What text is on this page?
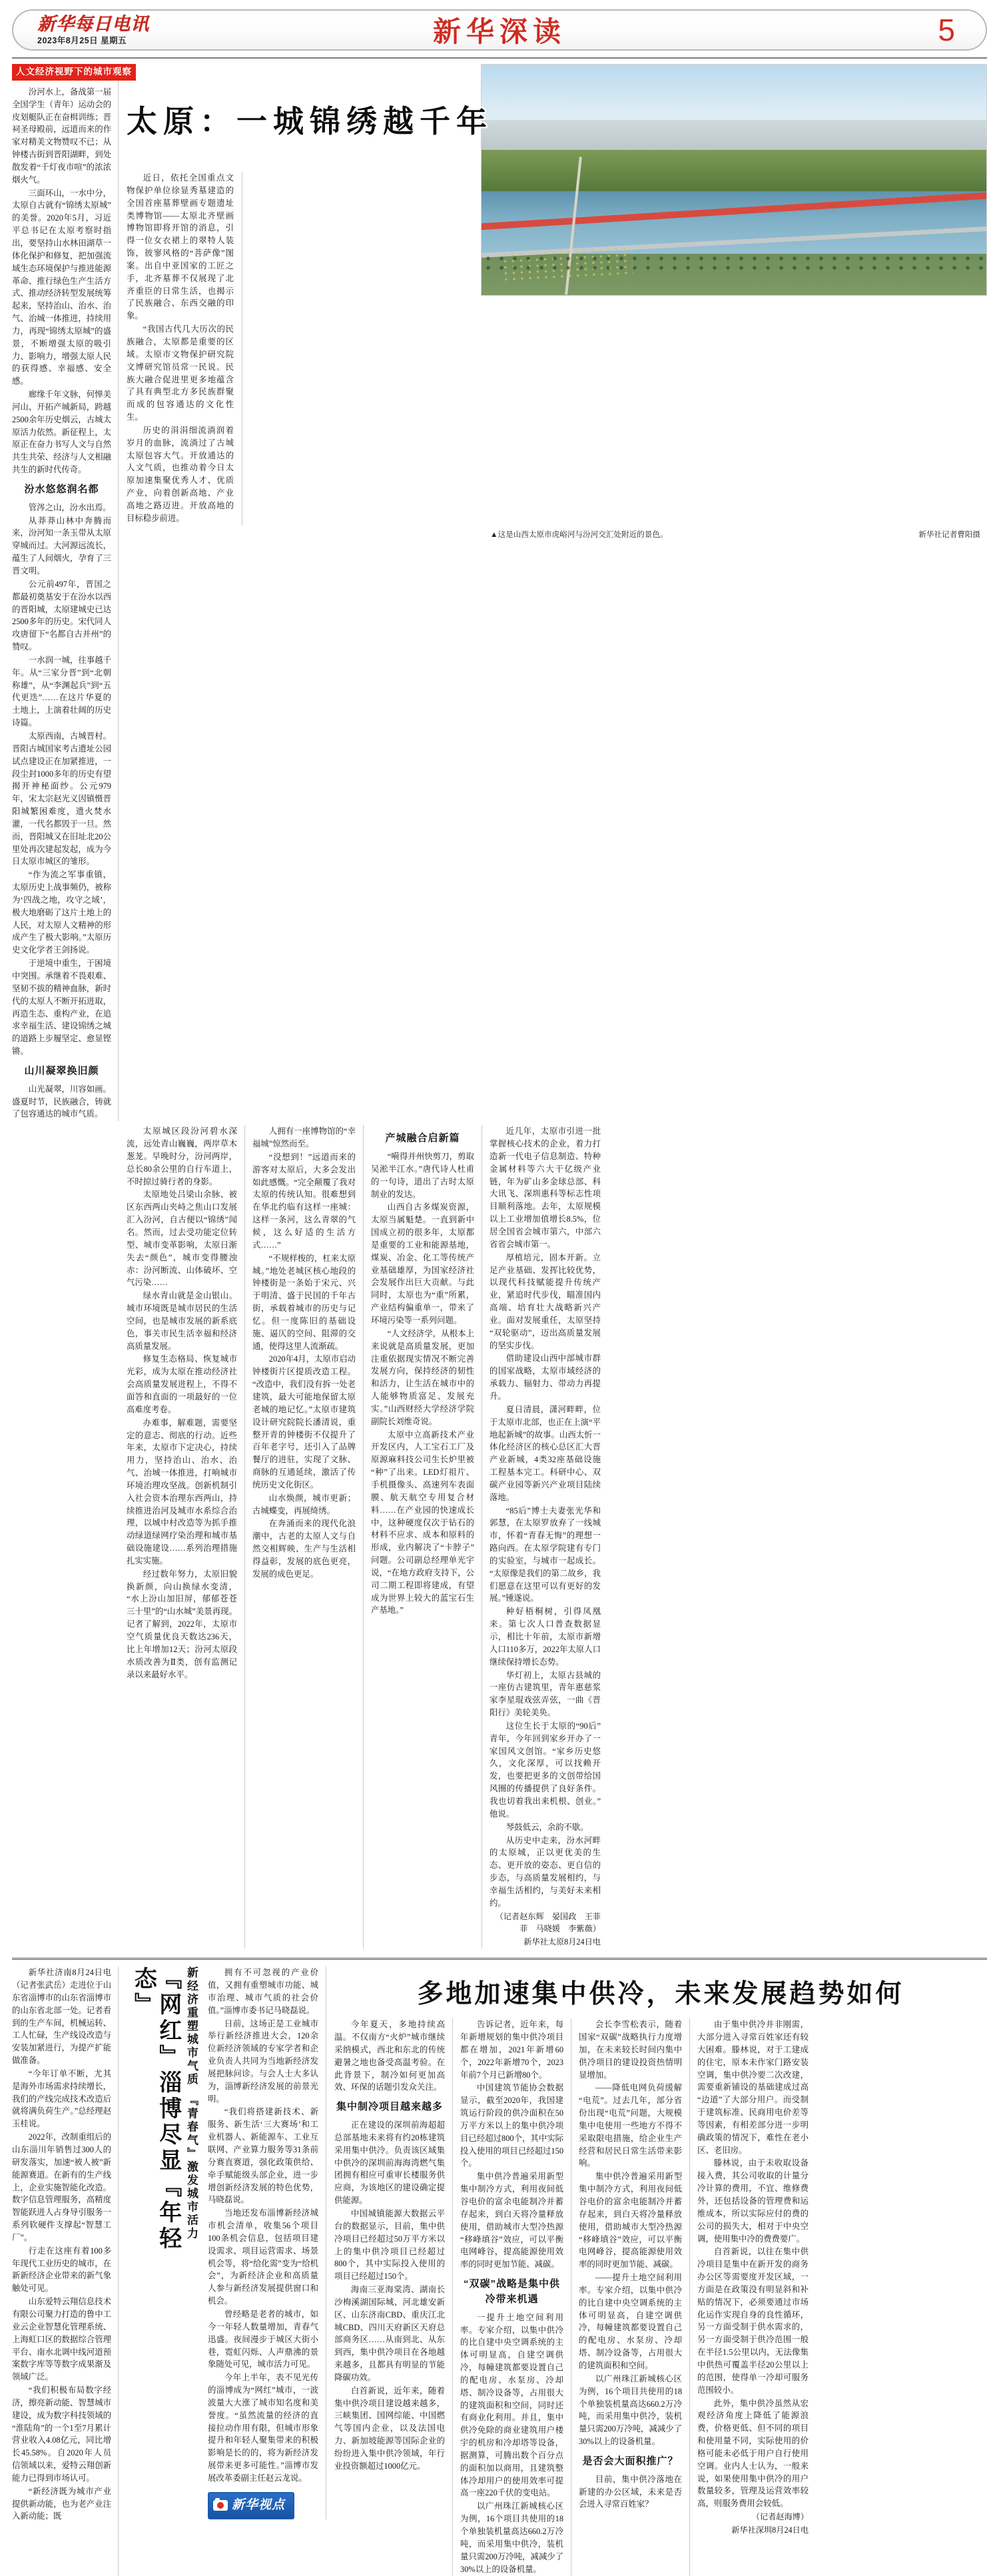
新华每日电讯
2023年8月25日 星期五	新华深读	5
人文经济视野下的城市观察

汾河水上，备战第一届全国学生（青年）运动会的皮划艇队正在奋楫训练；晋祠圣母殿前，远道而来的作家对精美文物赞叹不已；从钟楼古街到晋阳湖畔，到处散发着“千灯夜市喧”的浓浓烟火气。

三面环山，一水中分，太原自古就有“锦绣太原城”的美誉。2020年5月，习近平总书记在太原考察时指出，要坚持山水林田湖草一体化保护和修复，把加强流域生态环境保护与推进能源革命、推行绿色生产生活方式、推动经济转型发展统筹起来，坚持治山、治水、治气、治城一体推进，持续用力，再现“锦绣太原城”的盛景，不断增强太原的吸引力、影响力，增强太原人民的获得感、幸福感、安全感。

廊缘千年文脉，何惮美河山、开拓产城新局，跨越2500余年历史烟云，古城太原活力依然。新征程上，太原正在奋力书写人文与自然共生共荣、经济与人文相融共生的新时代传奇。

汾水悠悠润名都

管涔之山，汾水出焉。

从莽莽山林中奔腾而来，汾河知一条玉带从太原穿城而过。大河源远流长，蕴生了人间烟火，孕育了三晋文明。

公元前497年，晋国之都最初奠基安于在汾水以西的晋阳城，太原建城史已达2500多年的历史。宋代同人攻唐留下“名都自古并州”的赞叹。

一水润一城，往事越千年。从“三家分晋”到“北朝称雄”，从“李渊起兵”到“五代更迭”……在这片华夏的土地上，上演着壮阔的历史诗篇。

太原西南，古城晋村。晋阳古城国家考古遗址公园试点建设正在加紧推进，一段尘封1000多年的历史有望揭开神秘面纱。公元979年，宋太宗赵光义因镇慑晋阳城繁困难度，遗火焚水灌，一代名都毁于一旦。然而，晋阳城又在旧址北20公里处再次建起发起，成为今日太原市城区的雏形。

“作为流之军事重镇，太原历史上战事频仍，被称为‘四战之地，攻守之域’，极大地磨砺了这片土地上的人民，对太原人文精神的形成产生了极大影响。”太原历史文化学者王剑扬说。

于逆境中重生，于困境中突围。承继着不畏艰难、坚韧不拔的精神血脉，新时代的太原人不断开拓进取，再造生态、重构产业，在追求幸福生活、建设锦绣之城的道路上步履坚定、愈显铿锵。

山川凝翠换旧颜

山光凝翠，川容如画。盛夏时节，民族融合，铸就了包容通达的城市气质。

太原：一城锦绣越千年

近日，依托全国重点文物保护单位徐显秀墓建造的全国首座墓葬壁画专题遗址类博物馆——太原北齐壁画博物馆即将开馆的消息，引得一位女衣裙上的翠特人装饰，彼寥风格的“菩萨像”图案。出自中亚国家的工匠之手，北齐墓葬不仅展现了北齐重臣的日常生活，也揭示了民族融合、东西交融的印象。

“我国古代几大历次的民族融合，太原都是重要的区域。太原市文物保护研究院文博研究馆员常一民说。民族大融合促进里更多地蕴含了具有典型北方多民族群聚而成的包容通达的文化性生。

历史的涓涓细流淌润着岁月的血脉，流淌过了古城太原包容大气。开放通达的人文气质，也推动着今日太原加速集聚优秀人才、优质产业，向着创新高地、产业高地之路迈进。开放高地的目标稳步前进。

▲这是山西太原市虎峪河与汾河交汇处附近的景色。	新华社记者曹阳摄

太原城区段汾河碧水深流，远处青山巍巍，两岸草木葱茏。早晚时分，汾河两岸，总长80余公里的自行车道上，不时掠过骑行者的身影。

太原地处吕梁山余脉、被区东西两山夹峙之焦山口发展汇入汾河，自古便以“锦绣”闻名。然而，过去受功能定位转型、城市变革影响，太原日渐失去“颜色”，城市变得腰浊赤：汾河断流、山体破坏、空气污染……

绿水青山就是金山银山。城市环境既是城市居民的生活空间，也是城市发展的新系底色，事关市民生活幸福和经济高质量发展。

修复生态格局、恢复城市光彩，成为太原在推动经济社会高质量发展进程上，不得不面答和直面的一项最好的一位高难度考卷。

办难事，解难题，需要坚定的意志、彻底的行动。近些年来，太原市下定决心，持续用力，坚持治山、治水、治气、治城一体推进，打响城市环境治理攻坚战。创新机制引入社会资本治理东西两山，持续推进治河及城市水系综合治理，以城中村改造等为抓手推动绿道绿网疗染治理和城市基础设施建设……系列治理措施扎实实施。

经过数年努力，太原旧貌换新颜，向山换绿水变清，“水上汾山加旧屏，郁郁苍苍三十里”的“山水城”美景再现。记者了解到，2022年，太原市空气质量优良天数达236天，比上年增加12天；汾河太原段水质改善为Ⅱ类，创有监测记录以来最好水平。

人拥有一座博物馆的“幸福城”惊然而至。

“没想到！”远道而来的游客对太原后，大多会发出如此感慨。“完全颠覆了我对太原的传统认知。很难想到在华北约临有这样一座城：这样一条河，这么青翠的气候，这么好适的生活方式……”

“不规样梭的，杠来太原城。”地处老城区核心地段的钟楼街是一条始于宋元、兴于明清、盛于民国的千年古街，承载着城市的历史与记忆。但一度陈旧的基础设施、逼仄的空间、阻滞的交通，使得这里人流渐疏。

2020年4月，太原市启动钟楼街片区提质改造工程。“改造中，我们没有拆一处老建筑，最大可能地保留太原老城的地记忆。”太原市建筑设计研究院院长潘清说，重整开青的钟楼街不仅提升了百年老字号，还引入了品牌餐厅的进驻，实现了文脉、商脉的互通延续，激活了传统历史文化街区。

山水焕颜，城市更新；古城蝶变，再展绮绣。

在奔涌而来的现代化浪潮中，古老的太原人文与自然交相辉映、生产与生活相得益彰，发展的底色更亮，发展的成色更足。

产城融合启新篇

“嗬得并州快剪刀，剪取吴淞半江水。”唐代诗人杜甫的一句诗，道出了古时太原制业的发达。

山西自古多煤炭资源，太原当属魁楚。一直到新中国成立初的很多年，太原都是重要的工业和能源基地，煤炭、冶金、化工等传统产业基础雄厚，为国家经济社会发展作出巨大贡献。与此同时，太原也为“重”所累，产业结构偏重单一，带来了环境污染等一系列问题。

“人文经济学，从根本上来说就是高质量发展，更加注重依据现实情况不断完善发展方向，保持经济的韧性和活力，让生活在城市中的人能够物质富足、发展充实。”山西财经大学经济学院副院长刘维奇说。

太原中立高新技术产业开发区内，人工宝石工厂及原源麻料技公司生长炉里被“种”了出来。LED灯祖片、手机摄像头、高速列车表面膜、航天航空专用复合材料……在产业园的快速成长中，这种硬度仅次于钻石的材料不应求、成本和原料的形成，业内解决了“卡脖子”问题。公司副总经理单光宇说，“在地方政府支持下，公司二期工程即将建成，有望成为世界上较大的蓝宝石生产基地。”

近几年，太原市引进一批掌握核心技术的企业，着力打造新一代电子信息制造、特种金属材料等六大干亿级产业链，年为矿山多金球总部、科大讯飞、深圳惠科等标志性项目顺利落地。去年，太原规模以上工业增加值增长8.5%，位居全国省会城市第六，中部六省省会城市第一。

厚植培元，固本开新。立足产业基础、发挥比较优势，以现代科技赋能提升传统产业，紧追时代步伐，瞄准国内高端、培育壮大战略新兴产业。面对发展重任，太原坚持“双轮驱动”，迈出高质量发展的坚实步伐。

借助建设山西中部城市群的国家战略，太原市域经济的承载力、辐射力、带动力再提升。

夏日清晨，潇河畔畔，位于太原市北部，也正在上演“平地起新城”的故事。山西太忻一体化经济区的核心总区汇大晋产业新城，4类32座基础设施工程基本完工。科研中心、双碳产业园等新兴产业项目陆续落地。

“85后”博士夫妻张光华和郭慧，在太原罗放弃了一线城市，怀着“青春无悔”的理想一路向西。在太原学院建有专门的实验室，与城市一起成长。“太原像是我们的第二故乡，我们愿意在这里可以有更好的发展。”锺遂说。

种好梧桐树，引得凤凰来。第七次人口普查数据显示，相比十年前，太原市新增人口110多万，2022年太原人口继续保持增长态势。

华灯初上，太原古县城的一座仿古建筑里，青年惠慈浆家李星琨戏弦弄弦，一曲《晋阳行》美轮美奂。

这位生长于太原的“90后”青年，今年回到家乡开办了一家国风文创馆。“家乡历史悠久，文化深厚，可以找赖开发，也要把更多的文创带给国风圈的传播提供了良好条件。我也切着我出来机根、创业。”他说。

琴鼓低云，余韵不歇。

从历史中走来，汾水河畔的太原城，正以更优美的生态、更开放的姿态、更自信的步态，与高质量发展相约，与幸福生活相约，与美好未来相约。

（记者赵东辉　晏国政　王菲菲　马晓媛　李紫薇）

新华社太原8月24日电

新华社济南8月24日电（记者张武岳）走进位于山东省淄博市的山东省淄博市的山东省北部一处。记者看到的生产车间，机械运转、工人忙碌，生产线设改造与安装加紧进行，为提产扩能做准备。

“今年订单不断，尤其是海外市场需求持续增长，我们的产线完成技术改造后就将满负荷生产。”总经理赵玉桂说。

2022年，改制重组后的山东淄川年销售过300人的研发落实，加速“被人被”新能源赛道。在新有的生产线上，企业实施智能化改造。数字信息管理服务，高精度智能跃进人占身导引服务一系列软硬件支撑起“智慧工厂”。

行走在这座有着100多年现代工业历史的城市，在新新经济企业带来的新气象触处可见。

山东爱特云翔信息技术有限公司聚力打造的鲁中工业云企业智慧化管理系统、上海虹口区的数据综合管理平台、南水北调中线河道预案数字库等等数字成果渐及领域广泛。

“我们积极布局数字经济，擦亮新动能、智慧城市建设，成为数字科技领域的“淮陆角”的一个1至7月累计营业收入4.08亿元，同比增长45.58%。自2020年人员信领域以来，爱特云翔创新能力已得到市场认可。

“新经济既为城市产业提供新动能，也为老产业注入新动能；既

新经济重塑城市气质　『青春气』激发城市活力
『网红』淄博尽显『年轻态』	拥有不可忽视的产业价值，又拥有重塑城市功能、城市治理、城市气质的社会价值。”淄博市委书记马晓磊说。

日前，这场正是工业城市举行新经济推进大会，120余位新经济领域的专家学者和企业负责人共同为当地新经济发展把脉问诊。与会人士大多认为，淄博新经济发展的前景光明。

“我们将搭建新技术、新服务、新生活‘三大赛场’和工业机器人、新能源车、工业互联网、产业算力服务等31条前分赛直赛道，强化政策供给、牵手赋能级头部企业，进一步增创新经济发展的特色优势，马晓磊说。

当地还发布淄博新经济城市机会清单，收集56个项目100条机会信息，包括项目建设需求、项目运营需求、场景机会等，将“给化需”变为“给机会”，为新经济企业和高质量人参与新经济发展提供窗口和机会。

曾经略是老者的城市，如今一年轻人数量增加，青春气迅盛。夜间漫步于城区大街小巷，霓虹闪烁、人声鼎沸的景象随处可见，城市活力可见。

今年上半年，表不见光传的淄博成为“网红”城市，一波波量大大涨了城市知名度和美誉度。“虽然流量的经济的直接拉动作用有限，但城市形象提升和年轻人聚集带来的积极影响是长的的，将为新经济发展带来更多可能性。”淄博市发展改革委副主任赵云龙说。

新华视点
多地加速集中供冷，未来发展趋势如何

今年夏天，多地持续高温。不仅南方“火炉”城市继续采纳模式，西北和东北的传统避暑之地也备受高温考验。在此背景下，制冷如何更加高效、环保的话题引发众关注。

集中制冷项目越来越多

正在建设的深圳前海超超总部基地未来将有约20栋建筑采用集中供冷。负责该区域集中供冷的深圳前海海湾燃气集团拥有相应可重审长楼服务供应商，为该地区的建设确定提供能源。

中国城镇能源大数据云平台的数据显示，目前，集中供冷项目已经超过50万平方米以上的集中供冷项目已经超过800个，其中实际投入使用的项目已经超过150个。

海南三亚海棠湾、湖南长沙梅溪湖国际城、河北雄安新区、山东济南CBD、重庆江北城CBD、四川天府新区天府总部商务区……从南到北、从东到西，集中供冷项目在各地越来越多，且都具有明显的节能降碳功效。

白首新说，近年来，随着集中供冷项目建设越来越多，三峡集团、国网综能、中国燃气等国内企业，以及法国电力、新加坡能源等国际企业的纷纷进入集中供冷领域，年行业投资额超过1000亿元。

告诉记者，近年来，每年新增规划的集中供冷项目都在增加，2021年新增60个，2022年新增70个，2023年前7个月已新增80个。

中国建筑节能协会数据显示，截至2020年，我国建筑运行阶段的供冷面积在50万平方米以上的集中供冷项目已经超过800个，其中实际投入使用的项目已经超过150个。

集中供冷普遍采用新型集中制冷方式，利用夜间低谷电价的富余电能制冷并蓄存起来，到白天将冷量释放使用，借助城市大型冷热源“移峰填谷”效应，可以平衡电网峰谷，提高能源使用效率的同时更加节能、减碳。

“双碳”战略是集中供冷带来机遇

一提升土地空间利用率。专家介绍，以集中供冷的比自建中央空调系统的主体可明显高，自建空调供冷，每幢建筑都要设置自己的配电房、水泵房、冷却塔、制冷设备等，占用很大的建筑面积和空间，同时还有商业化利用。并且，集中供冷免除的商业建筑用户楼宇的机房和冷却塔等设备，据测算，可腾出数个百分点的面积加以商用，且建筑整体冷却用户的使用效率可提高一座220千伏的变电站。

以广州珠江新城核心区为例，16个项目共使用的18个单独装机量高达660.2万冷吨，而采用集中供冷，装机量只需200万冷吨，减减少了30%以上的设备机量。

会长李雪松表示，随着国家“双碳”战略执行力度增加，在未来较长时间内集中供冷项目的建设投资热情明显增加。

——降低电网负荷缓解“电荒”。过去几年，部分省份出现“电荒”问题，大规模集中电使用一些地方不得不采取限电措施，给企业生产经营和居民日常生活带来影响。

集中供冷普遍采用新型集中制冷方式，利用夜间低谷电价的富余电能制冷并蓄存起来，到白天将冷量释放使用，借助城市大型冷热源“移峰填谷”效应，可以平衡电网峰谷，提高能源使用效率的同时更加节能、减碳。

——提升土地空间利用率。专家介绍，以集中供冷的比自建中央空调系统的主体可明显高，自建空调供冷，每幢建筑都要设置自己的配电房、水泵房、冷却塔、制冷设备等，占用很大的建筑面积和空间。

以广州珠江新城核心区为例，16个项目共使用的18个单独装机量高达660.2万冷吨，而采用集中供冷，装机量只需200万冷吨，减减少了30%以上的设备机量。

是否会大面积推广？

目前，集中供冷落地在新建的办公区域，未来是否会进入寻常百姓家？

由于集中供冷并非刚需，大部分进入寻常百姓家还有较大困难。滕林说，对于工建成的住宅，原本未作家门路安装空调，集中供冷要二次改建，需要重新铺设的基础建成过高“边道”了大部分用户。而受制于建筑标准、民商用电价差等等因素，有相差部分进一步明确政策的情况下，难性在老小区、老旧房。

滕林说，由于未收取设备接入费，其公司收取的计量分冷计算的费用，不宜、维修费外，还包括设备的管理费和运维成本，所以实际应付的费的公司的损失大，相对于中央空调，使用集中冷的费费要广。

自首新说，以往在集中供冷项目是集中在新开发的商务办公区等需要度开发区域，一方面是在政策没有明显斜和补贴的情况下，必须要通过市场化运作实现自身的良性循环，另一方面受制于供水需求的，另一方面受制于供冷范围一般在半径1.5公里以内，无法像集中供热可覆盖半径20公里以上的范围，使得单一冷却可服务范围较小。

此外，集中供冷虽然从宏观经济角度上降低了能源浪费，价格更低、但不同的项目和使用量不同，实际使用的价格可能未必低于用户自行使用空调。业内人士认为，一般来说，如果使用集中供冷的用户数量较多，管理及运营效率较高，则服务费用会较低。

（记者赵海博）

新华社深圳8月24日电
